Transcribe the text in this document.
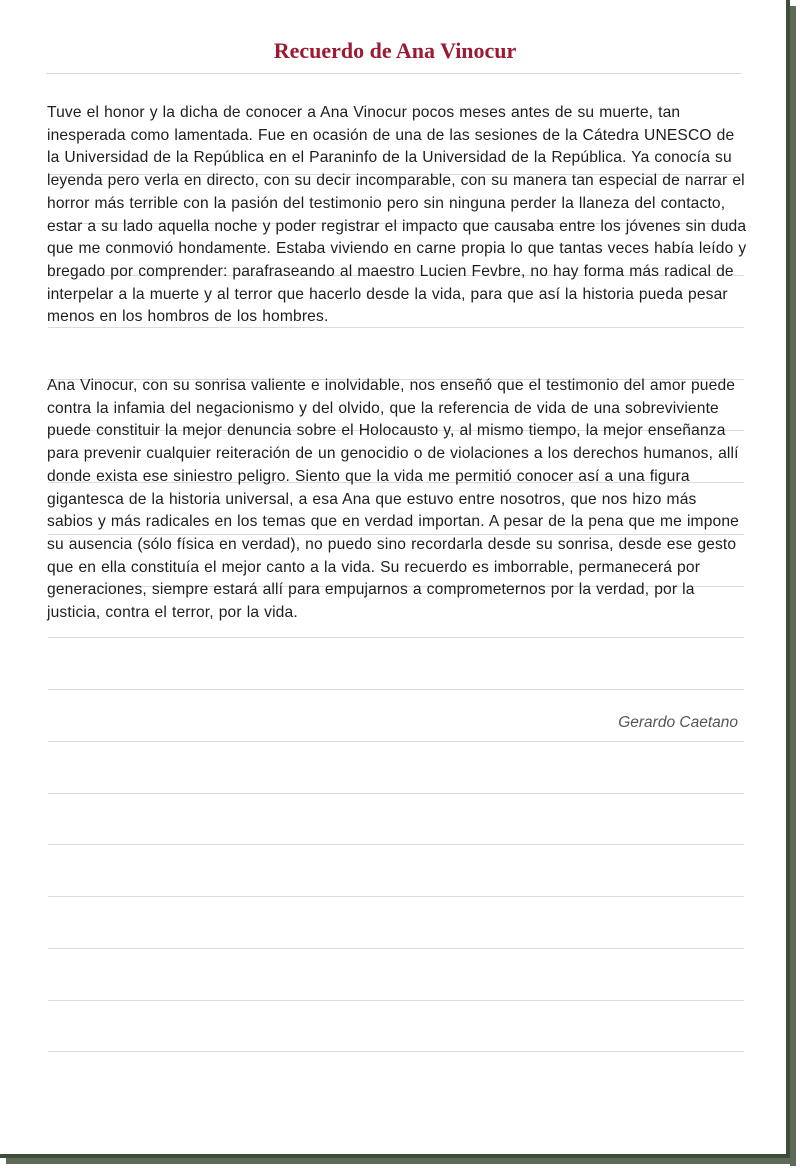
Recuerdo de Ana Vinocur

Tuve el honor y la dicha de conocer a Ana Vinocur pocos meses antes de su muerte, tan inesperada como lamentada. Fue en ocasión de una de las sesiones de la Cátedra UNESCO de la Universidad de la República en el Paraninfo de la Universidad de la República. Ya conocía su leyenda pero verla en directo, con su decir incomparable, con su manera tan especial de narrar el horror más terrible con la pasión del testimonio pero sin ninguna perder la llaneza del contacto, estar a su lado aquella noche y poder registrar el impacto que causaba entre los jóvenes sin duda que me conmovió hondamente. Estaba viviendo en carne propia lo que tantas veces había leído y bregado por comprender: parafraseando al maestro Lucien Fevbre, no hay forma más radical de interpelar a la muerte y al terror que hacerlo desde la vida, para que así la historia pueda pesar menos en los hombros de los hombres.

Ana Vinocur, con su sonrisa valiente e inolvidable, nos enseñó que el testimonio del amor puede contra la infamia del negacionismo y del olvido, que la referencia de vida de una sobreviviente puede constituir la mejor denuncia sobre el Holocausto y, al mismo tiempo, la mejor enseñanza para prevenir cualquier reiteración de un genocidio o de violaciones a los derechos humanos, allí donde exista ese siniestro peligro. Siento que la vida me permitió conocer así a una figura gigantesca de la historia universal, a esa Ana que estuvo entre nosotros, que nos hizo más sabios y más radicales en los temas que en verdad importan. A pesar de la pena que me impone su ausencia (sólo física en verdad), no puedo sino recordarla desde su sonrisa, desde ese gesto que en ella constituía el mejor canto a la vida. Su recuerdo es imborrable, permanecerá por generaciones, siempre estará allí para empujarnos a comprometernos por la verdad, por la justicia, contra el terror, por la vida.

Gerardo Caetano
